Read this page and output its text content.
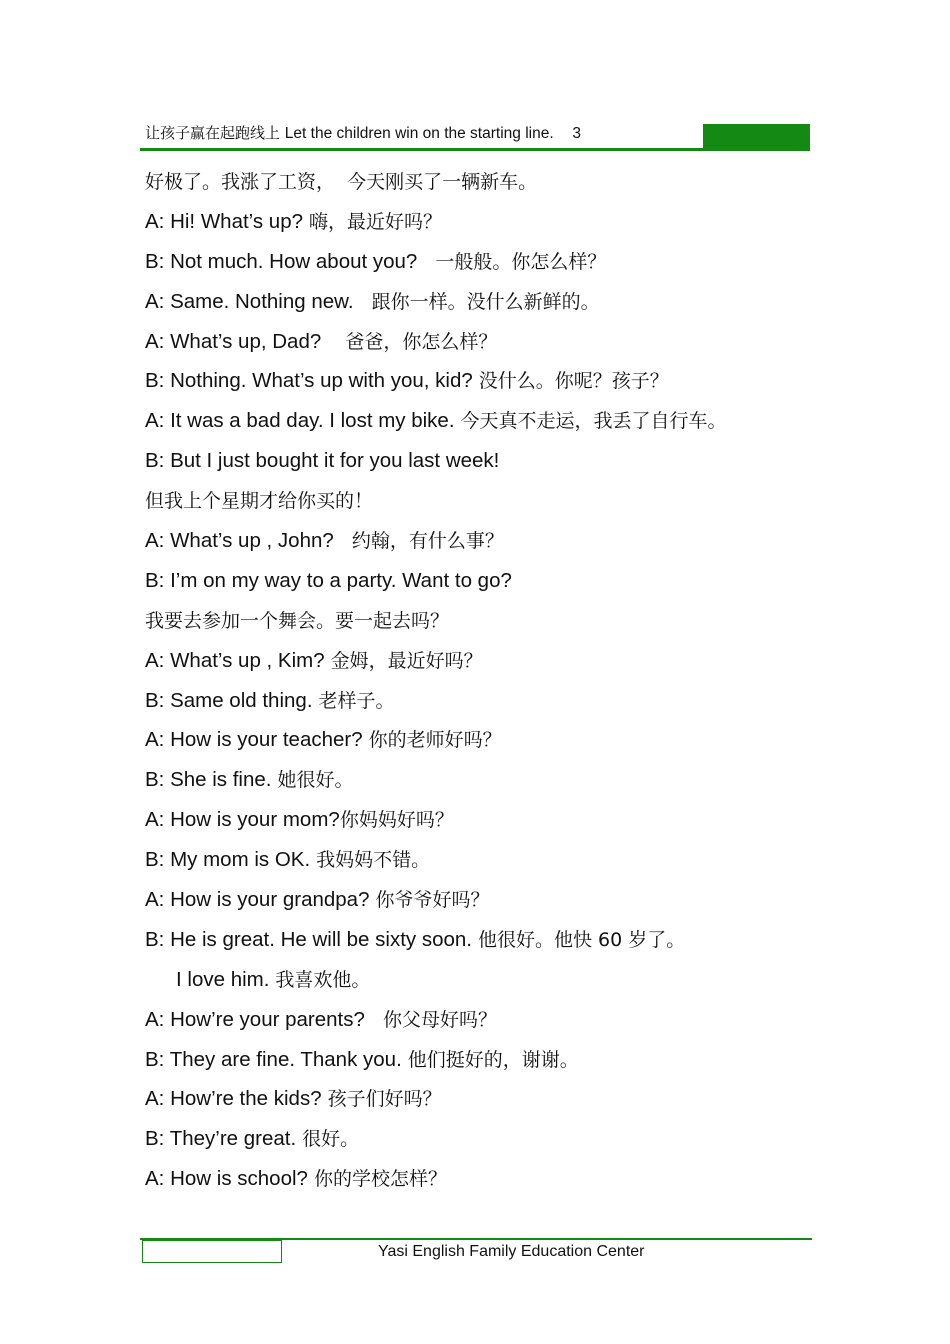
让孩子赢在起跑线上 Let the children win on the starting line. 3
好极了。我涨了工资，  今天刚买了一辆新车。
A: Hi! What’s up? 嗨，最近好吗？
B: Not much. How about you?  一般般。你怎么样？
A: Same. Nothing new.  跟你一样。没什么新鲜的。
A: What’s up, Dad?   爸爸，你怎么样？
B: Nothing. What’s up with you, kid? 没什么。你呢？孩子？
A: It was a bad day. I lost my bike. 今天真不走运，我丢了自行车。
B: But I just bought it for you last week!
但我上个星期才给你买的！
A: What’s up , John?  约翰，有什么事？
B: I’m on my way to a party. Want to go?
我要去参加一个舞会。要一起去吗？
A: What’s up , Kim? 金姆，最近好吗？
B: Same old thing. 老样子。
A: How is your teacher? 你的老师好吗？
B: She is fine. 她很好。
A: How is your mom?你妈妈好吗？
B: My mom is OK. 我妈妈不错。
A: How is your grandpa? 你爷爷好吗？
B: He is great. He will be sixty soon. 他很好。他快 60 岁了。
I love him. 我喜欢他。
A: How’re your parents?  你父母好吗？
B: They are fine. Thank you. 他们挺好的，谢谢。
A: How’re the kids? 孩子们好吗？
B: They’re great. 很好。
A: How is school? 你的学校怎样？
Yasi English Family Education Center
